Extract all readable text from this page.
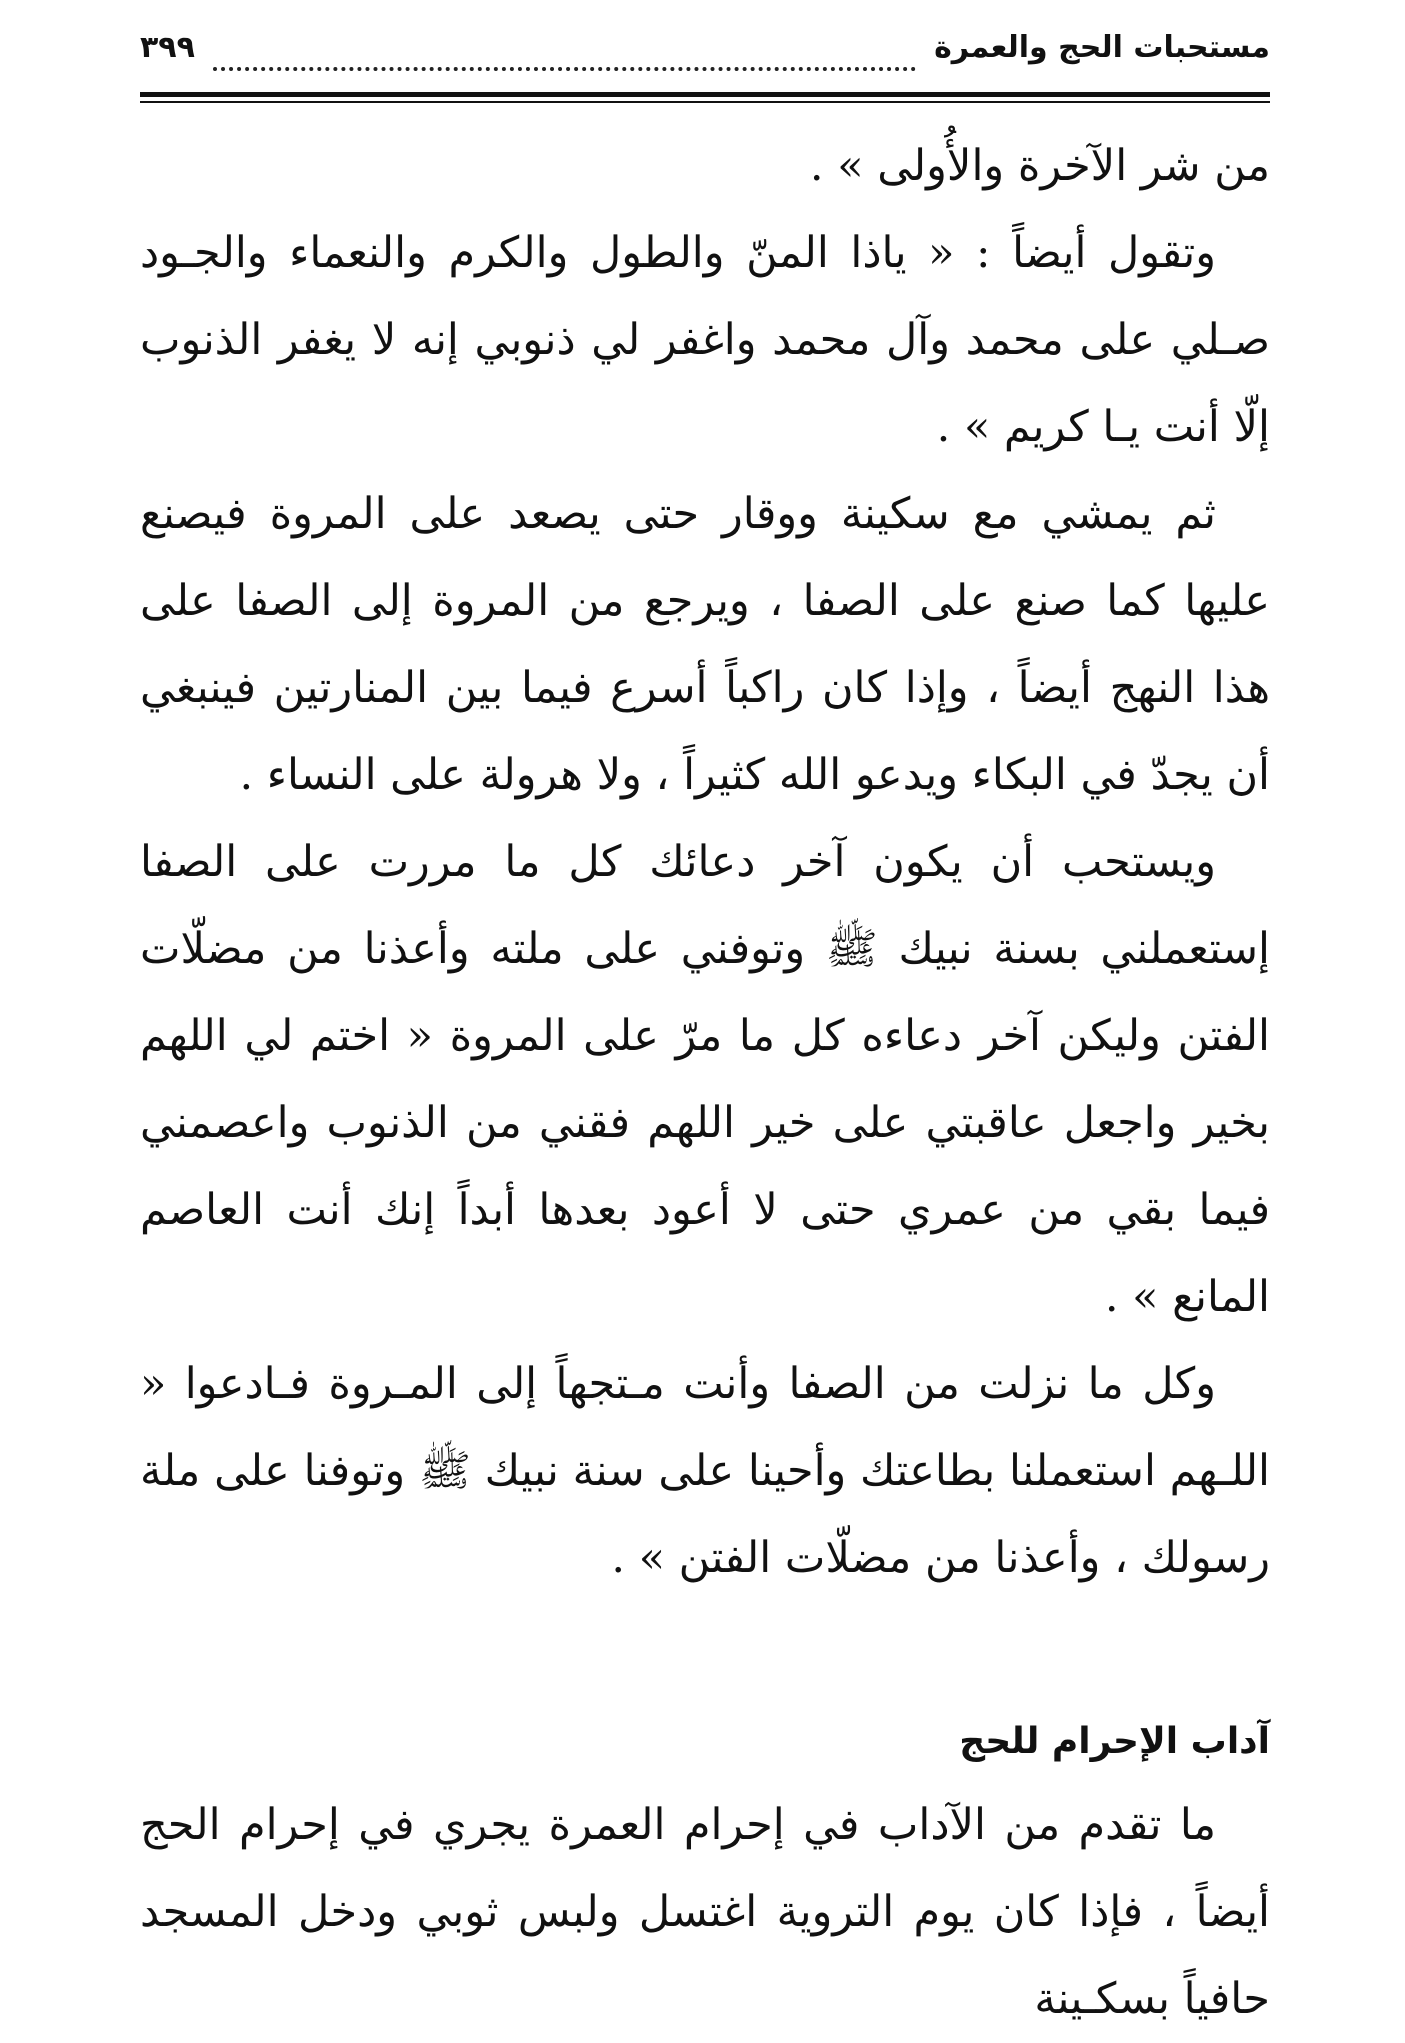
مستحبات الحج والعمرة
٣٩٩

من شر الآخرة والأُولى » .

وتقول أيضاً : « ياذا المنّ والطول والكرم والنعماء والجـود صـلي على محمد وآل محمد واغفر لي ذنوبي إنه لا يغفر الذنوب إلّا أنت يـا كريم » .

ثم يمشي مع سكينة ووقار حتى يصعد على المروة فيصنع عليها كما صنع على الصفا ، ويرجع من المروة إلى الصفا على هذا النهج أيضاً ، وإذا كان راكباً أسرع فيما بين المنارتين فينبغي أن يجدّ في البكاء ويدعو الله كثيراً ، ولا هرولة على النساء .

ويستحب أن يكون آخر دعائك كل ما مررت على الصفا إستعملني بسنة نبيك ﷺ وتوفني على ملته وأعذنا من مضلّات الفتن وليكن آخر دعاءه كل ما مرّ على المروة « اختم لي اللهم بخير واجعل عاقبتي على خير اللهم فقني من الذنوب واعصمني فيما بقي من عمري حتى لا أعود بعدها أبداً إنك أنت العاصم المانع » .

وكل ما نزلت من الصفا وأنت مـتجهاً إلى المـروة فـادعوا « اللـهم استعملنا بطاعتك وأحينا على سنة نبيك ﷺ وتوفنا على ملة رسولك ، وأعذنا من مضلّات الفتن » .

آداب الإحرام للحج

ما تقدم من الآداب في إحرام العمرة يجري في إحرام الحج أيضاً ، فإذا كان يوم التروية اغتسل ولبس ثوبي ودخل المسجد حافياً بسكـينة
